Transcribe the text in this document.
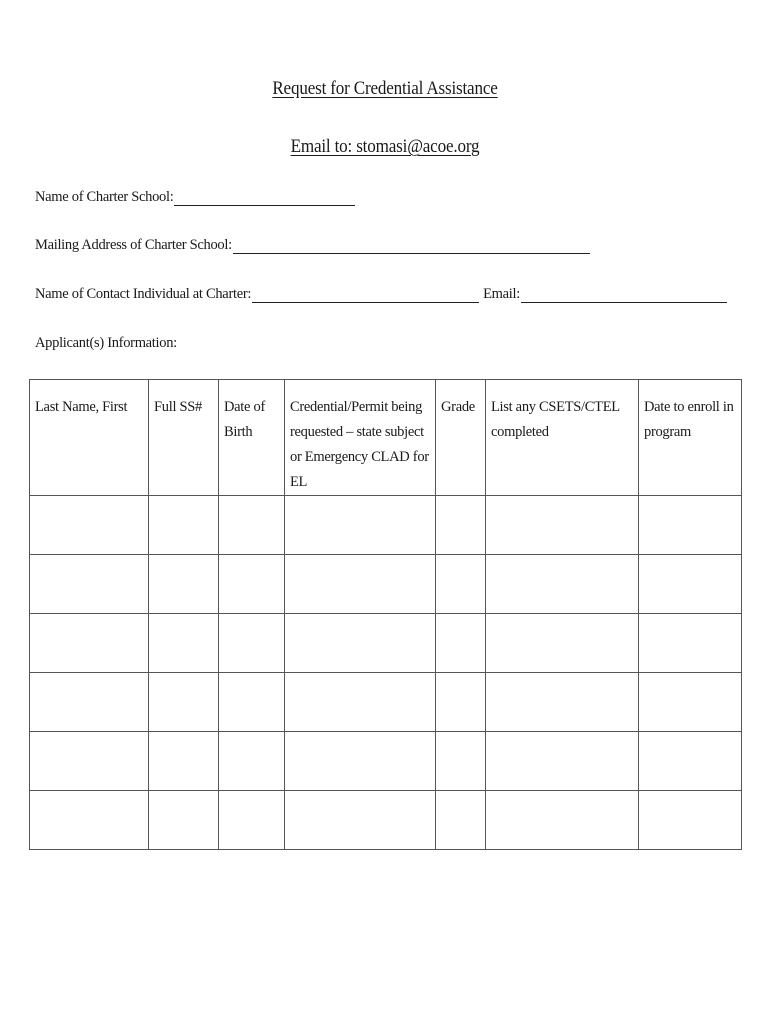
Request for Credential Assistance
Email to: stomasi@acoe.org
Name of Charter School:
Mailing Address of Charter School:
Name of Contact Individual at Charter:	Email:
Applicant(s) Information:
Last Name, First	Full SS#	Date of Birth	Credential/Permit being requested – state subject or Emergency CLAD for EL	Grade	List any CSETS/CTEL completed	Date to enroll in program
